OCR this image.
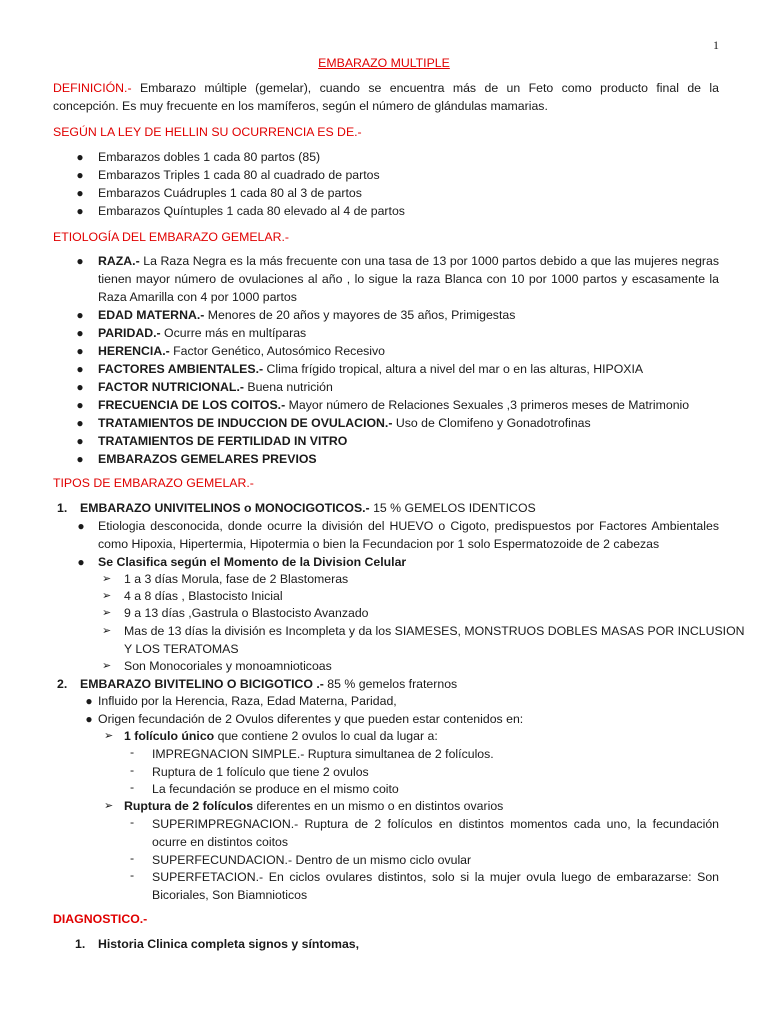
1
EMBARAZO MULTIPLE
DEFINICIÓN.- Embarazo múltiple (gemelar), cuando se encuentra más de un Feto como producto final de la
concepción. Es muy frecuente en los mamíferos, según el número de glándulas mamarias.
SEGÚN LA LEY DE HELLIN SU OCURRENCIA ES DE.-
● Embarazos dobles 1 cada 80 partos (85)
● Embarazos Triples 1 cada 80 al cuadrado de partos
● Embarazos Cuádruples 1 cada 80 al 3 de partos
● Embarazos Quíntuples 1 cada 80 elevado al 4 de partos
ETIOLOGÍA DEL EMBARAZO GEMELAR.-
● RAZA.- La Raza Negra es la más frecuente con una tasa de 13 por 1000 partos debido a que las mujeres negras
tienen mayor número de ovulaciones al año , lo sigue la raza Blanca con 10 por 1000 partos y escasamente la
Raza Amarilla con 4 por 1000 partos
● EDAD MATERNA.- Menores de 20 años y mayores de 35 años, Primigestas
● PARIDAD.- Ocurre más en multíparas
● HERENCIA.- Factor Genético, Autosómico Recesivo
● FACTORES AMBIENTALES.- Clima frígido tropical, altura a nivel del mar o en las alturas, HIPOXIA
● FACTOR NUTRICIONAL.- Buena nutrición
● FRECUENCIA DE LOS COITOS.- Mayor número de Relaciones Sexuales ,3 primeros meses de Matrimonio
● TRATAMIENTOS DE INDUCCION DE OVULACION.- Uso de Clomifeno y Gonadotrofinas
● TRATAMIENTOS DE FERTILIDAD IN VITRO
● EMBARAZOS GEMELARES PREVIOS
TIPOS DE EMBARAZO GEMELAR.-
1. EMBARAZO UNIVITELINOS o MONOCIGOTICOS.- 15 % GEMELOS IDENTICOS
● Etiologia desconocida, donde ocurre la división del HUEVO o Cigoto, predispuestos por Factores Ambientales
como Hipoxia, Hipertermia, Hipotermia o bien la Fecundacion por 1 solo Espermatozoide de 2 cabezas
● Se Clasifica según el Momento de la Division Celular
➢ 1 a 3 días Morula, fase de 2 Blastomeras
➢ 4 a 8 días , Blastocisto Inicial
➢ 9 a 13 días ,Gastrula o Blastocisto Avanzado
➢ Mas de 13 días la división es Incompleta y da los SIAMESES, MONSTRUOS DOBLES MASAS POR INCLUSION
Y LOS TERATOMAS
➢ Son Monocoriales y monoamnioticoas
2. EMBARAZO BIVITELINO O BICIGOTICO .- 85 % gemelos fraternos
● Influido por la Herencia, Raza, Edad Materna, Paridad,
● Origen fecundación de 2 Ovulos diferentes y que pueden estar contenidos en:
➢ 1 folículo único que contiene 2 ovulos lo cual da lugar a:
- IMPREGNACION SIMPLE.- Ruptura simultanea de 2 folículos.
- Ruptura de 1 folículo que tiene 2 ovulos
- La fecundación se produce en el mismo coito
➢ Ruptura de 2 folículos diferentes en un mismo o en distintos ovarios
- SUPERIMPREGNACION.- Ruptura de 2 folículos en distintos momentos cada uno, la fecundación
ocurre en distintos coitos
- SUPERFECUNDACION.- Dentro de un mismo ciclo ovular
- SUPERFETACION.- En ciclos ovulares distintos, solo si la mujer ovula luego de embarazarse: Son
Bicoriales, Son Biamnioticos
DIAGNOSTICO.-
1. Historia Clinica completa signos y síntomas,
